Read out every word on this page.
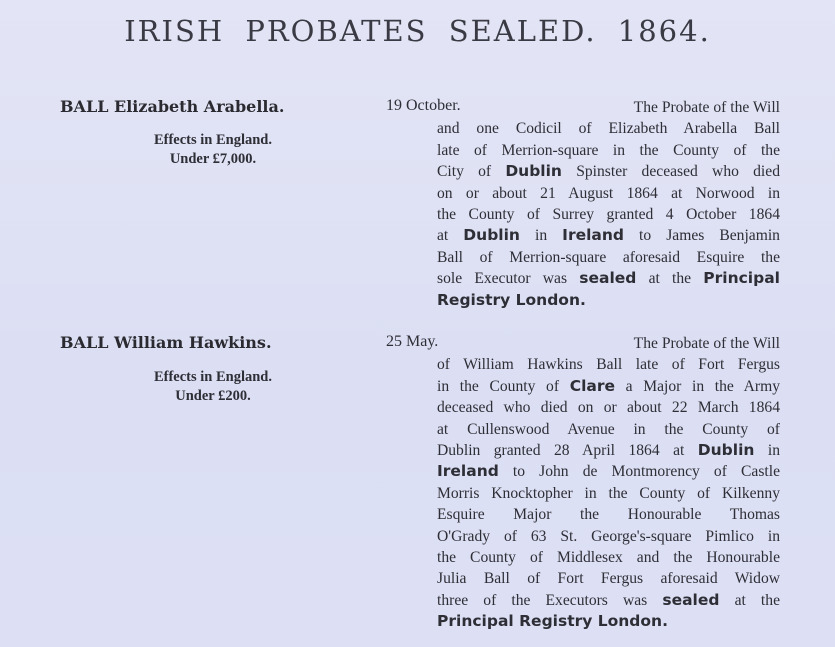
IRISH PROBATES SEALED. 1864.
BALL Elizabeth Arabella.
Effects in England.
Under £7,000.
19 October.	The Probate of the Will
and one Codicil of Elizabeth Arabella Ball
late of Merrion-square in the County of the
City of Dublin Spinster deceased who died
on or about 21 August 1864 at Norwood in
the County of Surrey granted 4 October 1864
at Dublin in Ireland to James Benjamin
Ball of Merrion-square aforesaid Esquire the
sole Executor was sealed at the Principal
Registry London.
BALL William Hawkins.
Effects in England.
Under £200.
25 May.	The Probate of the Will
of William Hawkins Ball late of Fort Fergus
in the County of Clare a Major in the Army
deceased who died on or about 22 March 1864
at Cullenswood Avenue in the County of
Dublin granted 28 April 1864 at Dublin in
Ireland to John de Montmorency of Castle
Morris Knocktopher in the County of Kilkenny
Esquire Major the Honourable Thomas
O'Grady of 63 St. George's-square Pimlico in
the County of Middlesex and the Honourable
Julia Ball of Fort Fergus aforesaid Widow
three of the Executors was sealed at the
Principal Registry London.
